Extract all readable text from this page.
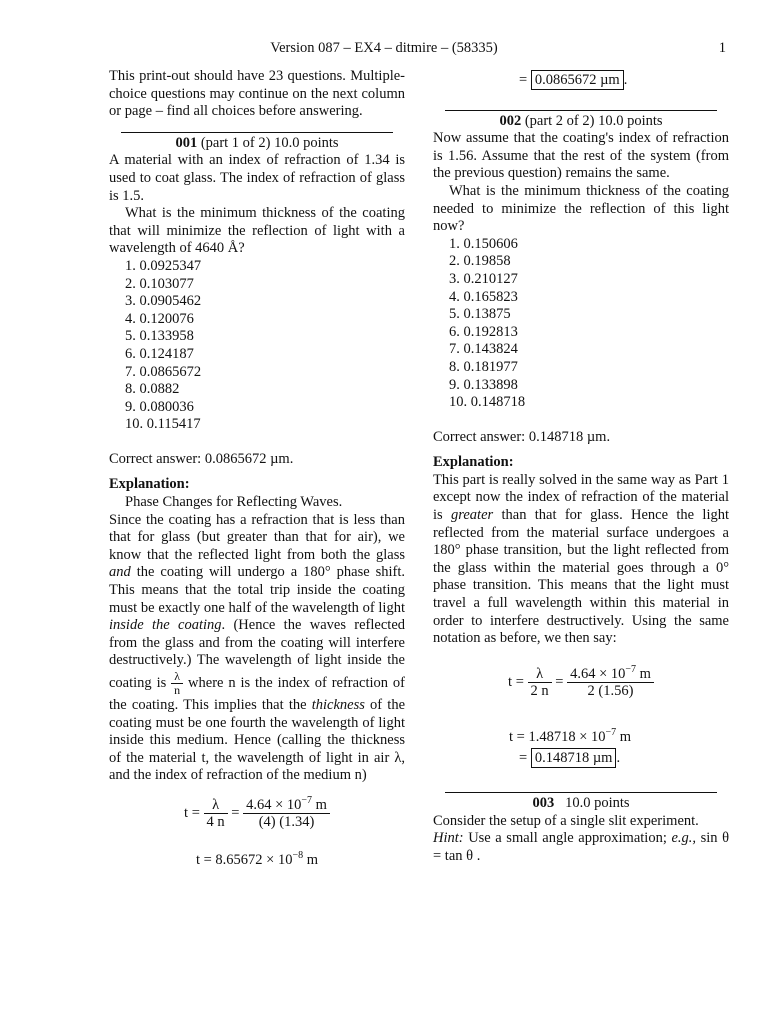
Version 087 – EX4 – ditmire – (58335)	1

This print-out should have 23 questions. Multiple-choice questions may continue on the next column or page – find all choices before answering.

001 (part 1 of 2) 10.0 points

A material with an index of refraction of 1.34 is used to coat glass. The index of refraction of glass is 1.5.

What is the minimum thickness of the coating that will minimize the reflection of light with a wavelength of 4640 Å?

1. 0.0925347
2. 0.103077
3. 0.0905462
4. 0.120076
5. 0.133958
6. 0.124187
7. 0.0865672
8. 0.0882
9. 0.080036
10. 0.115417

Correct answer: 0.0865672 µm.

Explanation:

Phase Changes for Reflecting Waves.

Since the coating has a refraction that is less than that for glass (but greater than that for air), we know that the reflected light from both the glass and the coating will undergo a 180° phase shift. This means that the total trip inside the coating must be exactly one half of the wavelength of light inside the coating. (Hence the waves reflected from the glass and from the coating will interfere destructively.) The wavelength of light inside the coating is $\frac{\lambda}{n}$ where n is the index of refraction of the coating. This implies that the thickness of the coating must be one fourth the wavelength of light inside this medium. Hence (calling the thickness of the material t, the wavelength of light in air λ, and the index of refraction of the medium n)

$t = \frac{\lambda}{4 n} = \frac{4.64 \times 10^{-7} m}{(4) (1.34)}$
$t = 8.65672 \times 10^{-8}$ m
= 0.0865672 µm .

002 (part 2 of 2) 10.0 points

Now assume that the coating's index of refraction is 1.56. Assume that the rest of the system (from the previous question) remains the same.

What is the minimum thickness of the coating needed to minimize the reflection of this light now?

1. 0.150606
2. 0.19858
3. 0.210127
4. 0.165823
5. 0.13875
6. 0.192813
7. 0.143824
8. 0.181977
9. 0.133898
10. 0.148718

Correct answer: 0.148718 µm.

Explanation:

This part is really solved in the same way as Part 1 except now the index of refraction of the material is greater than that for glass. Hence the light reflected from the material surface undergoes a 180° phase transition, but the light reflected from the glass within the material goes through a 0° phase transition. This means that the light must travel a full wavelength within this material in order to interfere destructively. Using the same notation as before, we then say:

$t = \frac{\lambda}{2 n} = \frac{4.64 \times 10^{-7} m}{2 (1.56)}$
$t = 1.48718 \times 10^{-7}$ m
= 0.148718 µm .

003 10.0 points

Consider the setup of a single slit experiment.

Hint: Use a small angle approximation; e.g., sin θ = tan θ .
